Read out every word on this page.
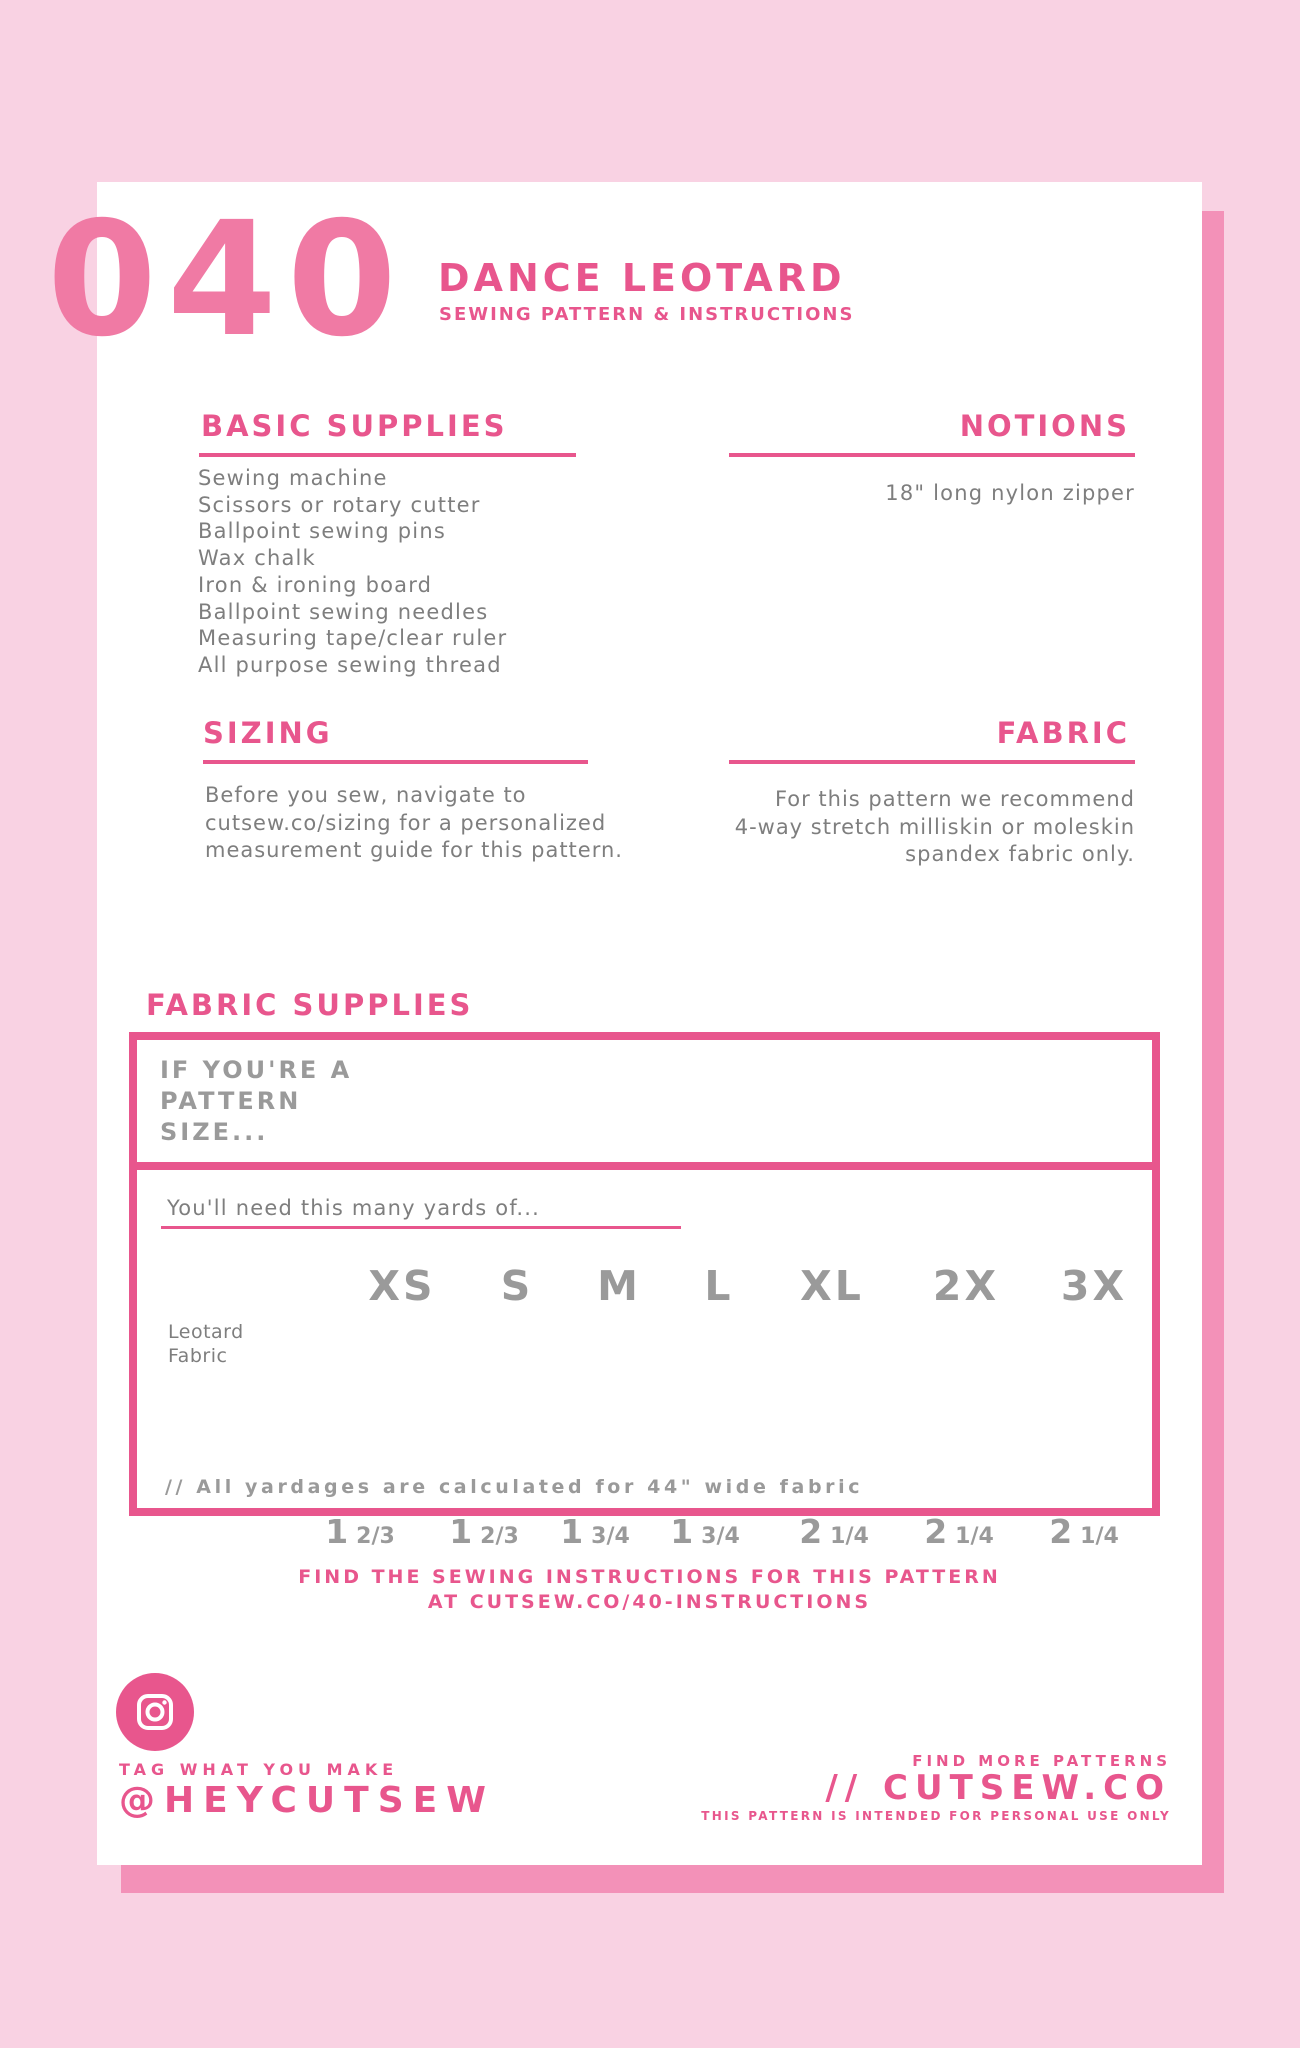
040 DANCE LEOTARD
SEWING PATTERN & INSTRUCTIONS
BASIC SUPPLIES
Sewing machine
Scissors or rotary cutter
Ballpoint sewing pins
Wax chalk
Iron & ironing board
Ballpoint sewing needles
Measuring tape/clear ruler
All purpose sewing thread
NOTIONS
18" long nylon zipper
SIZING
Before you sew, navigate to
cutsew.co/sizing for a personalized
measurement guide for this pattern.
FABRIC
For this pattern we recommend
4-way stretch milliskin or moleskin
spandex fabric only.
FABRIC SUPPLIES
IF YOU'RE A
PATTERN
SIZE...
XS S M L XL 2X 3X
You'll need this many yards of...
Leotard
Fabric
1 2/3 1 2/3 1 3/4 1 3/4 2 1/4 2 1/4 2 1/4
// All yardages are calculated for 44" wide fabric
FIND THE SEWING INSTRUCTIONS FOR THIS PATTERN
AT CUTSEW.CO/40-INSTRUCTIONS
TAG WHAT YOU MAKE
@HEYCUTSEW
FIND MORE PATTERNS
// CUTSEW.CO
THIS PATTERN IS INTENDED FOR PERSONAL USE ONLY
